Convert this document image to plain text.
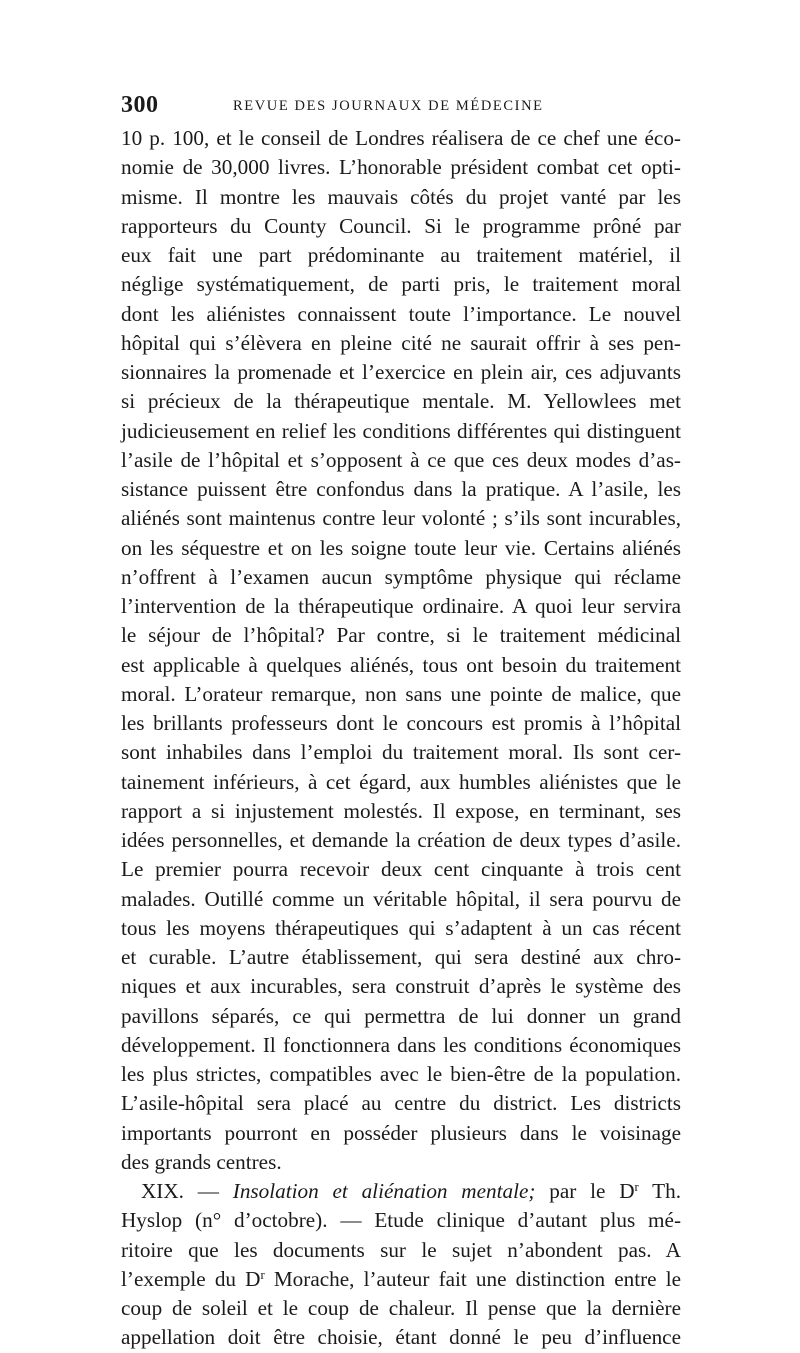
300	REVUE DES JOURNAUX DE MÉDECINE
10 p. 100, et le conseil de Londres réalisera de ce chef une éco-
nomie de 30,000 livres. L’honorable président combat cet opti-
misme. Il montre les mauvais côtés du projet vanté par les
rapporteurs du County Council. Si le programme prôné par
eux fait une part prédominante au traitement matériel, il
néglige systématiquement, de parti pris, le traitement moral
dont les aliénistes connaissent toute l’importance. Le nouvel
hôpital qui s’élèvera en pleine cité ne saurait offrir à ses pen-
sionnaires la promenade et l’exercice en plein air, ces adjuvants
si précieux de la thérapeutique mentale. M. Yellowlees met
judicieusement en relief les conditions différentes qui distinguent
l’asile de l’hôpital et s’opposent à ce que ces deux modes d’as-
sistance puissent être confondus dans la pratique. A l’asile, les
aliénés sont maintenus contre leur volonté ; s’ils sont incurables,
on les séquestre et on les soigne toute leur vie. Certains aliénés
n’offrent à l’examen aucun symptôme physique qui réclame
l’intervention de la thérapeutique ordinaire. A quoi leur servira
le séjour de l’hôpital? Par contre, si le traitement médicinal
est applicable à quelques aliénés, tous ont besoin du traitement
moral. L’orateur remarque, non sans une pointe de malice, que
les brillants professeurs dont le concours est promis à l’hôpital
sont inhabiles dans l’emploi du traitement moral. Ils sont cer-
tainement inférieurs, à cet égard, aux humbles aliénistes que le
rapport a si injustement molestés. Il expose, en terminant, ses
idées personnelles, et demande la création de deux types d’asile.
Le premier pourra recevoir deux cent cinquante à trois cent
malades. Outillé comme un véritable hôpital, il sera pourvu de
tous les moyens thérapeutiques qui s’adaptent à un cas récent
et curable. L’autre établissement, qui sera destiné aux chro-
niques et aux incurables, sera construit d’après le système des
pavillons séparés, ce qui permettra de lui donner un grand
développement. Il fonctionnera dans les conditions économiques
les plus strictes, compatibles avec le bien-être de la population.
L’asile-hôpital sera placé au centre du district. Les districts
importants pourront en posséder plusieurs dans le voisinage
des grands centres.
XIX. — Insolation et aliénation mentale; par le $D^r$ Th.
Hyslop (n° d’octobre). — Etude clinique d’autant plus mé-
ritoire que les documents sur le sujet n’abondent pas. A
l’exemple du $D^r$ Morache, l’auteur fait une distinction entre le
coup de soleil et le coup de chaleur. Il pense que la dernière
appellation doit être choisie, étant donné le peu d’influence
